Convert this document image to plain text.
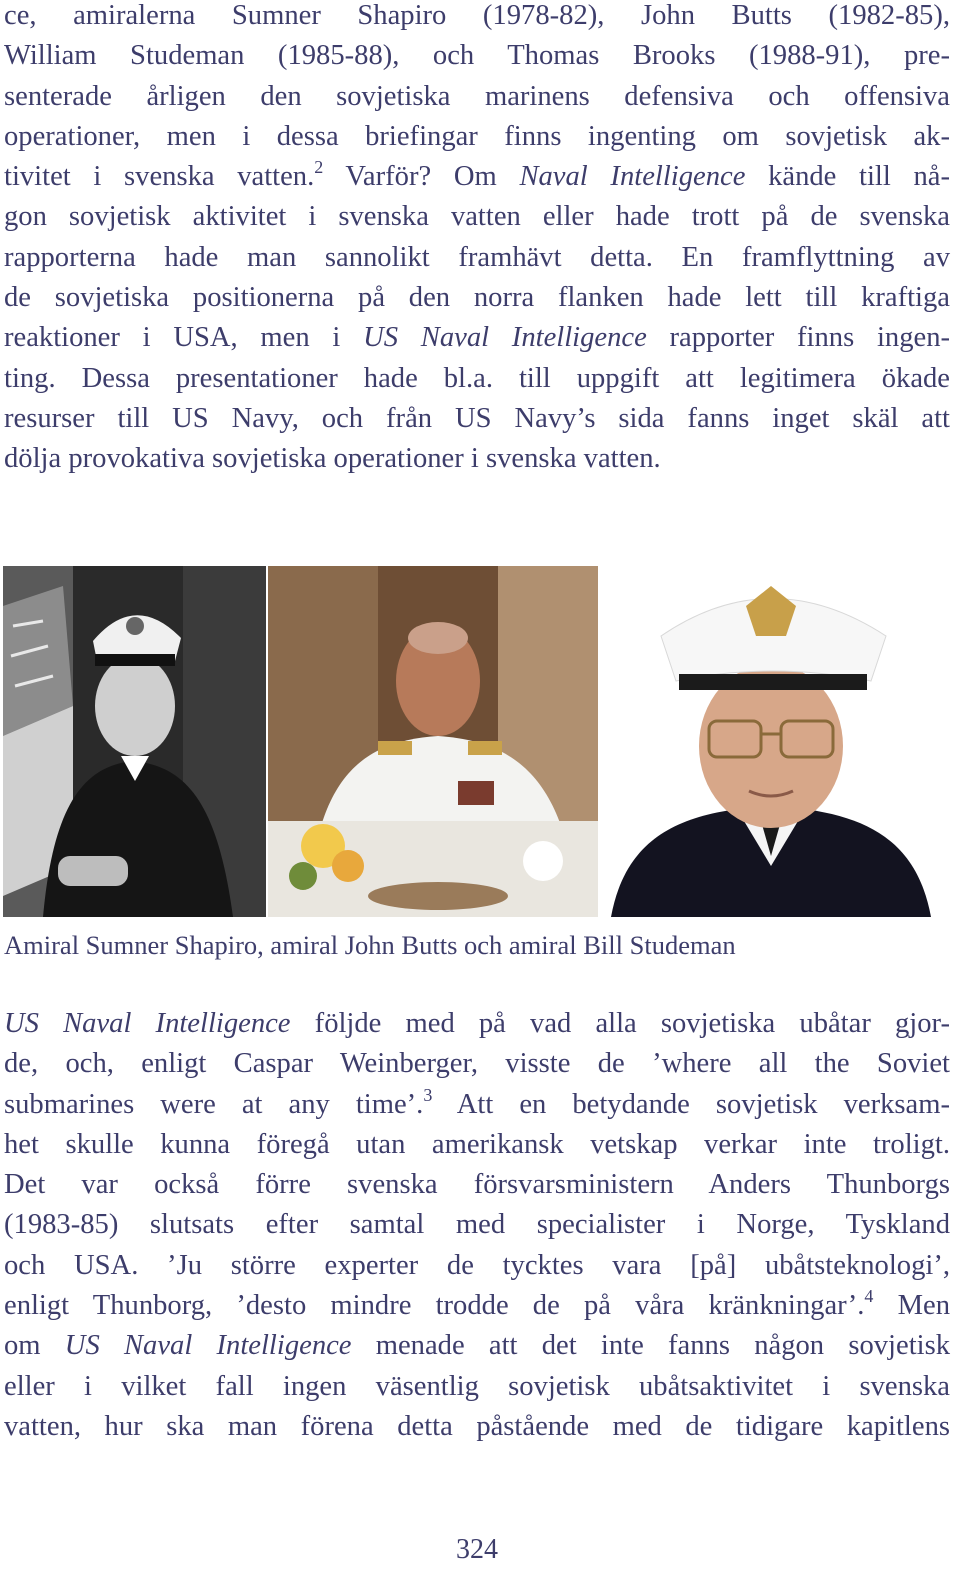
ce, amiralerna Sumner Shapiro (1978-82), John Butts (1982-85),
William Studeman (1985-88), och Thomas Brooks (1988-91), pre-
senterade årligen den sovjetiska marinens defensiva och offensiva
operationer, men i dessa briefingar finns ingenting om sovjetisk ak-
tivitet i svenska vatten.$^2$ Varför? Om Naval Intelligence kände till nå-
gon sovjetisk aktivitet i svenska vatten eller hade trott på de svenska
rapporterna hade man sannolikt framhävt detta. En framflyttning av
de sovjetiska positionerna på den norra flanken hade lett till kraftiga
reaktioner i USA, men i US Naval Intelligence rapporter finns ingen-
ting. Dessa presentationer hade bl.a. till uppgift att legitimera ökade
resurser till US Navy, och från US Navy’s sida fanns inget skäl att
dölja provokativa sovjetiska operationer i svenska vatten.
Amiral Sumner Shapiro, amiral John Butts och amiral Bill Studeman
US Naval Intelligence följde med på vad alla sovjetiska ubåtar gjor-
de, och, enligt Caspar Weinberger, visste de ’where all the Soviet
submarines were at any time’.$^3$ Att en betydande sovjetisk verksam-
het skulle kunna föregå utan amerikansk vetskap verkar inte troligt.
Det var också förre svenska försvarsministern Anders Thunborgs
(1983-85) slutsats efter samtal med specialister i Norge, Tyskland
och USA. ’Ju större experter de tycktes vara [på] ubåtsteknologi’,
enligt Thunborg, ’desto mindre trodde de på våra kränkningar’.$^4$ Men
om US Naval Intelligence menade att det inte fanns någon sovjetisk
eller i vilket fall ingen väsentlig sovjetisk ubåtsaktivitet i svenska
vatten, hur ska man förena detta påstående med de tidigare kapitlens
324
